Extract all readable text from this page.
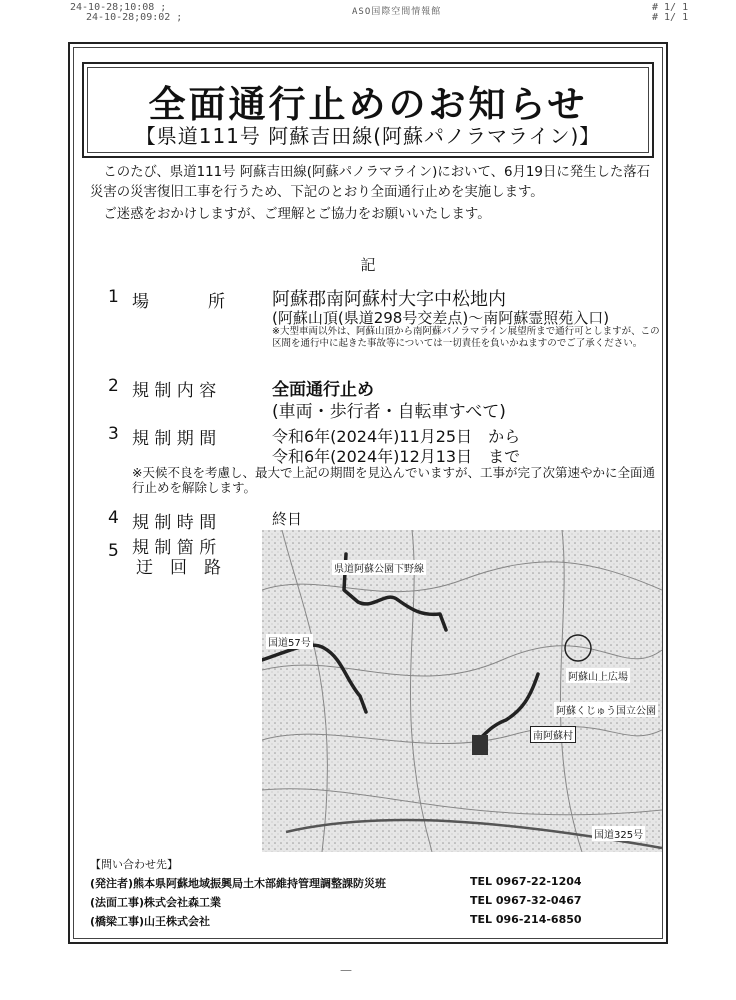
24-10-28;10:08 ;
24-10-28;09:02 ;	ASO国際空間情報館	# 1/ 1
# 1/ 1
全面通行止めのお知らせ
【県道111号 阿蘇吉田線(阿蘇パノラマライン)】

このたび、県道111号 阿蘇吉田線(阿蘇パノラマライン)において、6月19日に発生した落石災害の災害復旧工事を行うため、下記のとおり全面通行止めを実施します。

ご迷惑をおかけしますが、ご理解とご協力をお願いいたします。

記
1 場　　　所	阿蘇郡南阿蘇村大字中松地内
(阿蘇山頂(県道298号交差点)～南阿蘇霊照苑入口)
※大型車両以外は、阿蘇山頂から南阿蘇パノラマライン展望所まで通行可としますが、この区間を通行中に起きた事故等については一切責任を負いかねますのでご了承ください。
2 規 制 内 容	全面通行止め
(車両・歩行者・自転車すべて)
3 規 制 期 間	令和6年(2024年)11月25日　から
令和6年(2024年)12月13日　まで
※天候不良を考慮し、最大で上記の期間を見込んでいますが、工事が完了次第速やかに全面通行止めを解除します。
4 規 制 時 間	終日
5 規 制 箇 所
迂　回　路	県道阿蘇公園下野線
国道57号
阿蘇山上広場
阿蘇くじゅう国立公園
南阿蘇村
国道325号
【問い合わせ先】
(発注者)熊本県阿蘇地域振興局土木部維持管理調整課防災班	TEL 0967-22-1204
(法面工事)株式会社森工業	TEL 0967-32-0467
(橋梁工事)山王株式会社	TEL 096-214-6850
—
